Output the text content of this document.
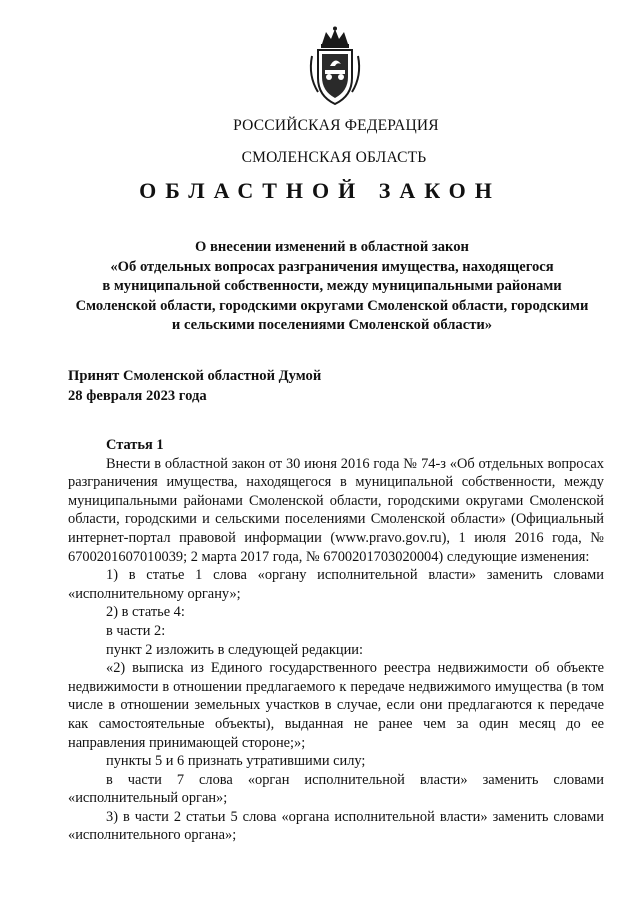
РОССИЙСКАЯ ФЕДЕРАЦИЯ
СМОЛЕНСКАЯ ОБЛАСТЬ
ОБЛАСТНОЙ ЗАКОН
О внесении изменений в областной закон
«Об отдельных вопросах разграничения имущества, находящегося
в муниципальной собственности, между муниципальными районами
Смоленской области, городскими округами Смоленской области, городскими
и сельскими поселениями Смоленской области»
Принят Смоленской областной Думой
28 февраля 2023 года

Статья 1

Внести в областной закон от 30 июня 2016 года № 74-з «Об отдельных вопросах разграничения имущества, находящегося в муниципальной собственности, между муниципальными районами Смоленской области, городскими округами Смоленской области, городскими и сельскими поселениями Смоленской области» (Официальный интернет-портал правовой информации (www.pravo.gov.ru), 1 июля 2016 года, № 6700201607010039; 2 марта 2017 года, № 6700201703020004) следующие изменения:

1) в статье 1 слова «органу исполнительной власти» заменить словами «исполнительному органу»;

2) в статье 4:

в части 2:

пункт 2 изложить в следующей редакции:

«2) выписка из Единого государственного реестра недвижимости об объекте недвижимости в отношении предлагаемого к передаче недвижимого имущества (в том числе в отношении земельных участков в случае, если они предлагаются к передаче как самостоятельные объекты), выданная не ранее чем за один месяц до ее направления принимающей стороне;»;

пункты 5 и 6 признать утратившими силу;

в части 7 слова «орган исполнительной власти» заменить словами «исполнительный орган»;

3) в части 2 статьи 5 слова «органа исполнительной власти» заменить словами «исполнительного органа»;
